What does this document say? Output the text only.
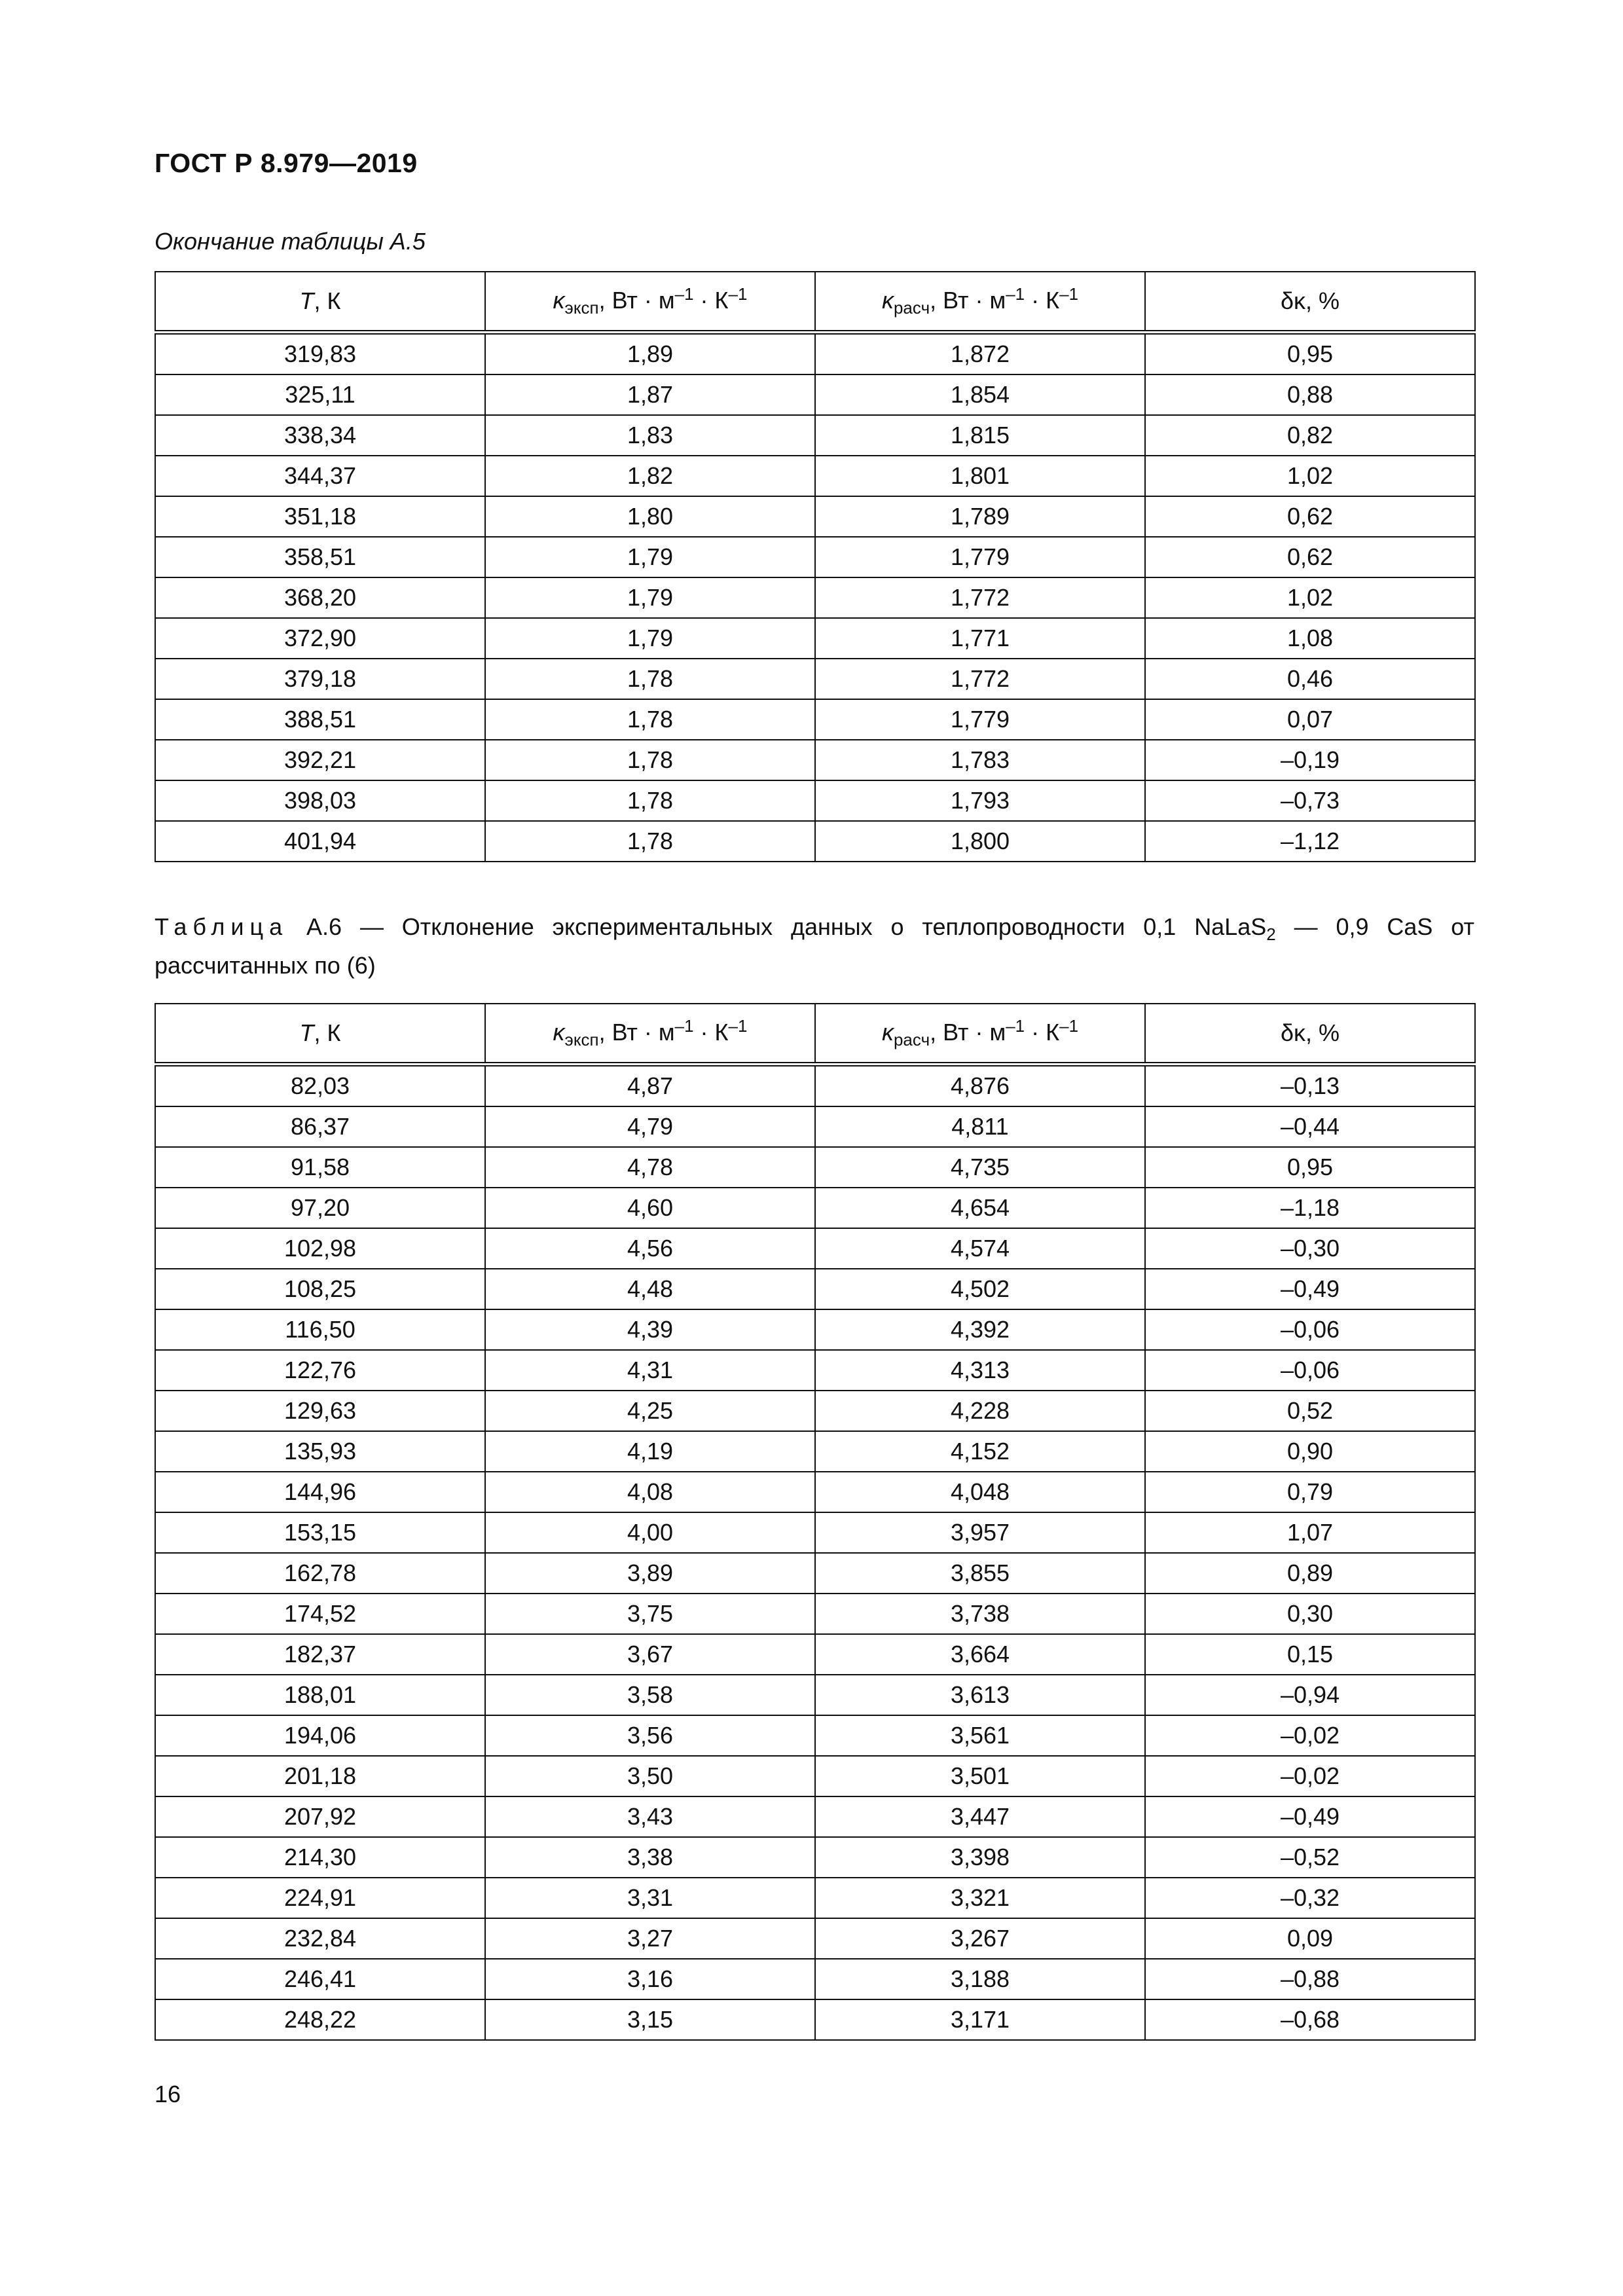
ГОСТ Р 8.979—2019
Окончание таблицы А.5
T, К	$\kappa_{эксп}$, Вт · $м^{-1} \cdot К^{-1}$	$\kappa_{расч}$, Вт · $м^{-1} \cdot К^{-1}$	δκ, %
319,83	1,89	1,872	0,95
325,11	1,87	1,854	0,88
338,34	1,83	1,815	0,82
344,37	1,82	1,801	1,02
351,18	1,80	1,789	0,62
358,51	1,79	1,779	0,62
368,20	1,79	1,772	1,02
372,90	1,79	1,771	1,08
379,18	1,78	1,772	0,46
388,51	1,78	1,779	0,07
392,21	1,78	1,783	–0,19
398,03	1,78	1,793	–0,73
401,94	1,78	1,800	–1,12
Таблица А.6 — Отклонение экспериментальных данных о теплопроводности 0,1 NaLaS$_2$ — 0,9 CaS от рассчитанных по (6)
T, К	$\kappa_{эксп}$, Вт · $м^{-1} \cdot К^{-1}$	$\kappa_{расч}$, Вт · $м^{-1} \cdot К^{-1}$	δκ, %
82,03	4,87	4,876	–0,13
86,37	4,79	4,811	–0,44
91,58	4,78	4,735	0,95
97,20	4,60	4,654	–1,18
102,98	4,56	4,574	–0,30
108,25	4,48	4,502	–0,49
116,50	4,39	4,392	–0,06
122,76	4,31	4,313	–0,06
129,63	4,25	4,228	0,52
135,93	4,19	4,152	0,90
144,96	4,08	4,048	0,79
153,15	4,00	3,957	1,07
162,78	3,89	3,855	0,89
174,52	3,75	3,738	0,30
182,37	3,67	3,664	0,15
188,01	3,58	3,613	–0,94
194,06	3,56	3,561	–0,02
201,18	3,50	3,501	–0,02
207,92	3,43	3,447	–0,49
214,30	3,38	3,398	–0,52
224,91	3,31	3,321	–0,32
232,84	3,27	3,267	0,09
246,41	3,16	3,188	–0,88
248,22	3,15	3,171	–0,68
16
